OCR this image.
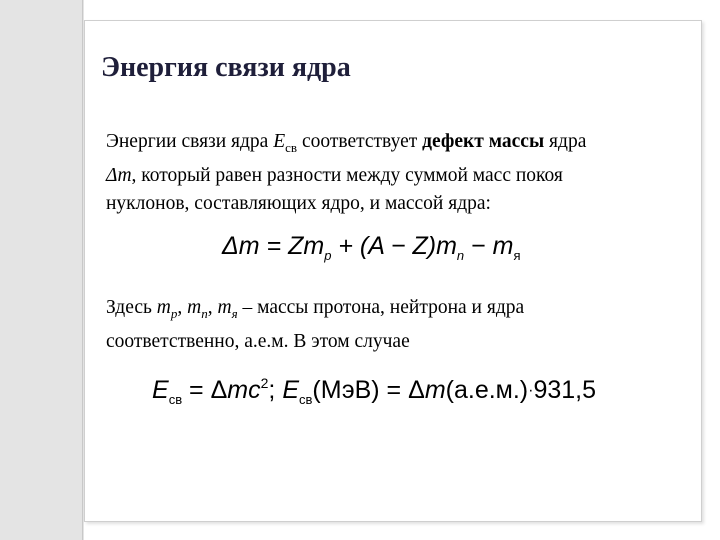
Энергия связи ядра
Энергии связи ядра $E_{св}$ соответствует дефект массы ядра
Δm, который равен разности между суммой масс покоя
нуклонов, составляющих ядро, и массой ядра:
$\Delta m = Zm_p + (A - Z)m_n - m_я$
Здесь $m_p$, $m_n$, $m_я$ – массы протона, нейтрона и ядра
соответственно, а.е.м. В этом случае
$E_{св} = \Delta mc^2$; $E_{св}(МэВ) = \Delta m(а.е.м.)\cdot 931,5$
